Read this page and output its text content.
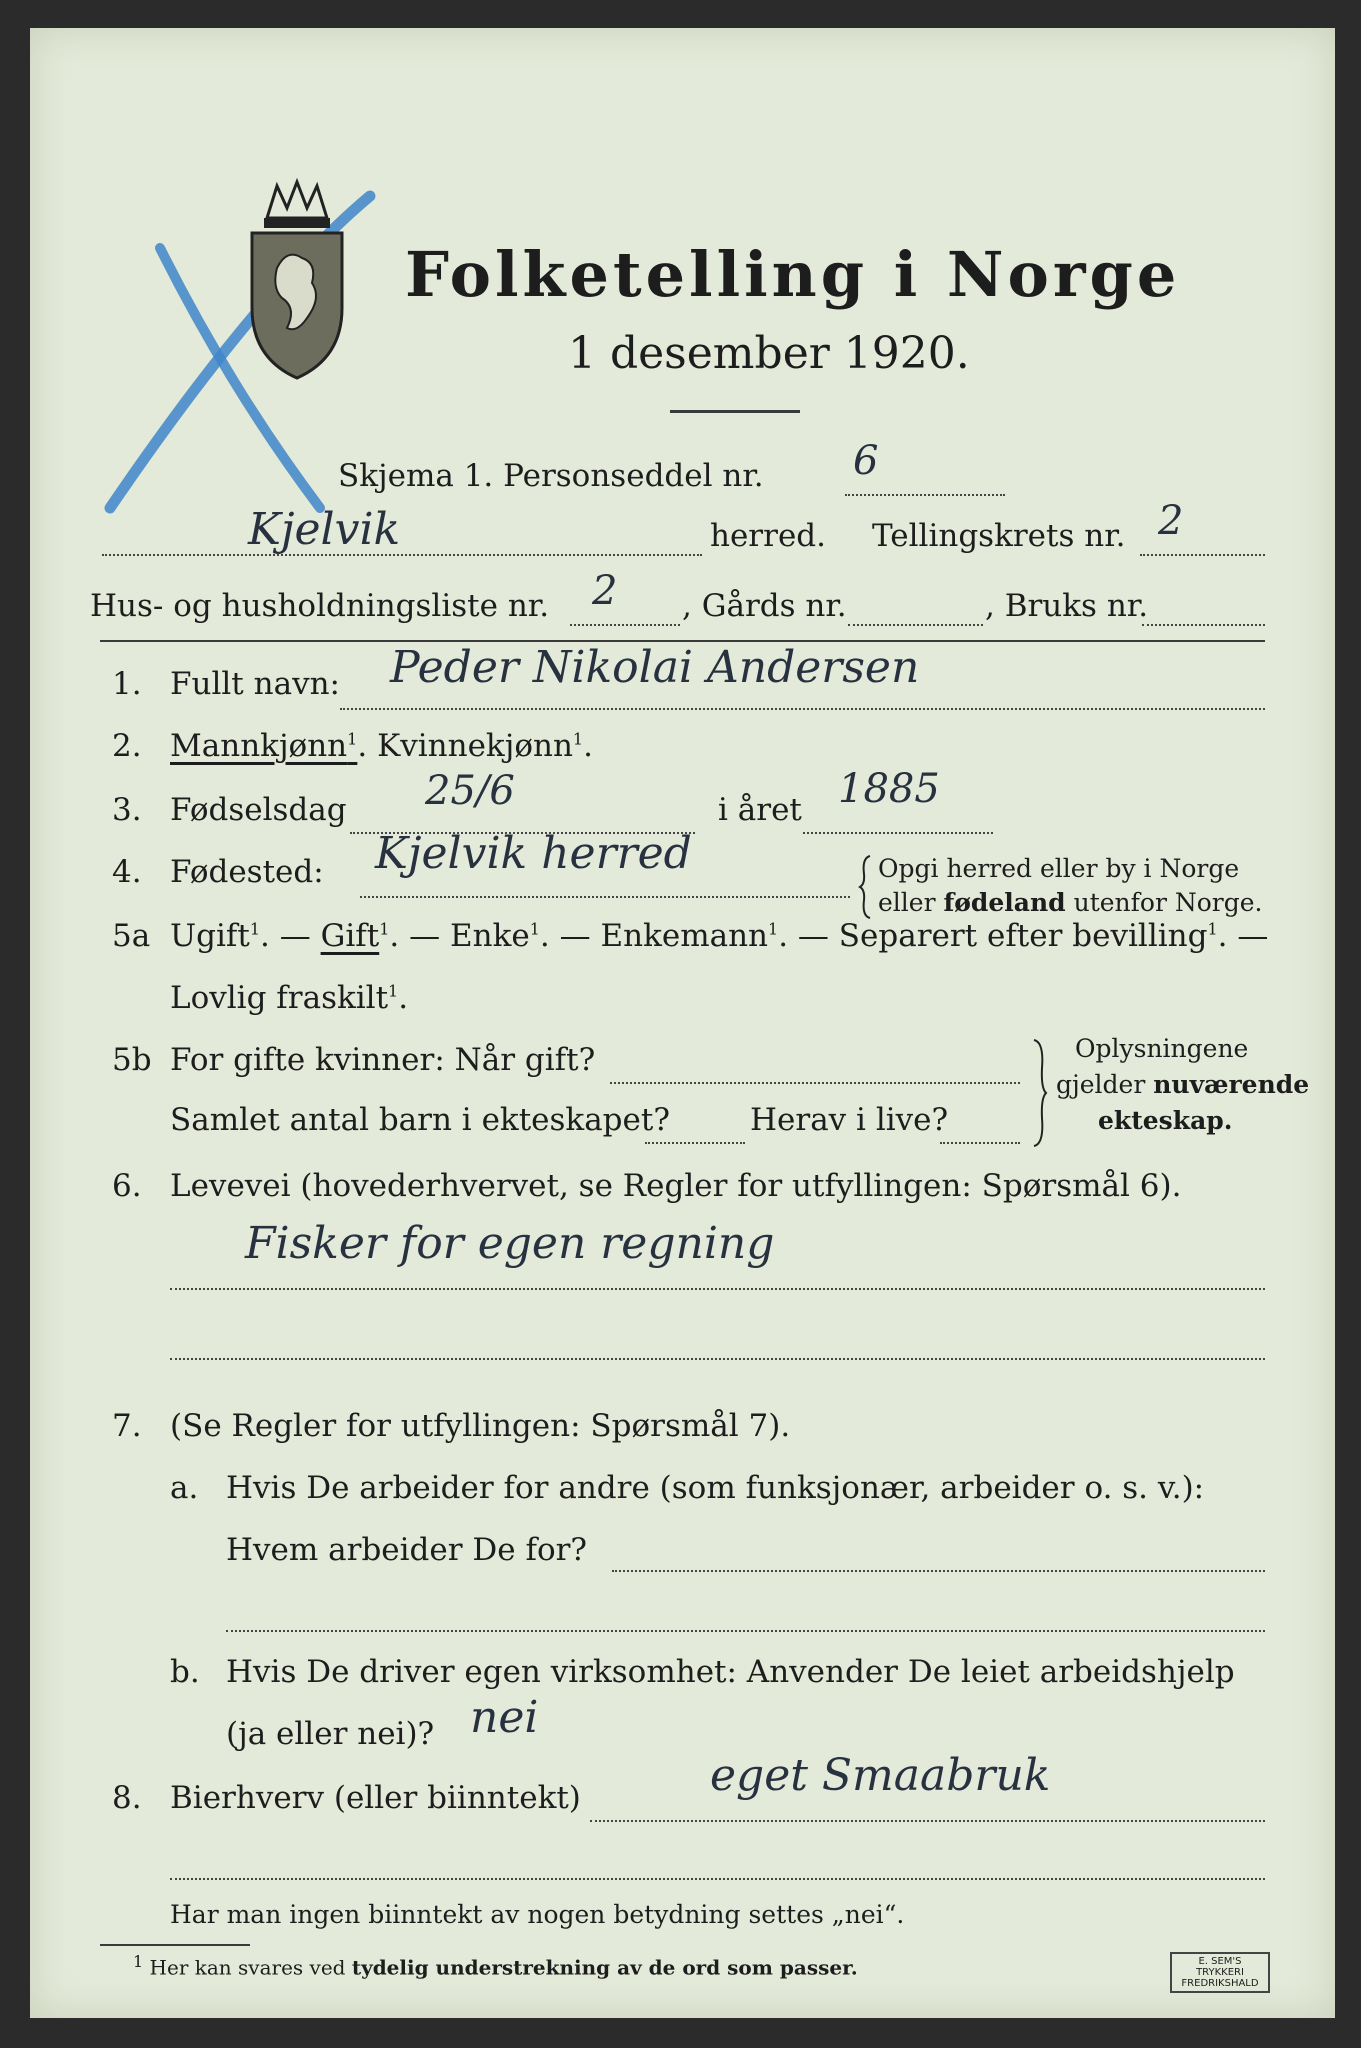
Folketelling i Norge
1 desember 1920.
Skjema 1. Personseddel nr. 6
Kjelvik	herred. Tellingskrets nr. 2
Hus- og husholdningsliste nr. 2 , Gårds nr.	, Bruks nr.
1. Fullt navn: Peder Nikolai Andersen
2. Mannkjønn$^1$. Kvinnekjønn$^1$.
3. Fødselsdag 25/6	i året 1885
4. Fødested: Kjelvik herred	Opgi herred eller by i Norge
eller fødeland utenfor Norge.
5a Ugift$^1$. — Gift$^1$. — Enke$^1$. — Enkemann$^1$. — Separert efter bevilling$^1$. —
Lovlig fraskilt$^1$.
5b For gifte kvinner: Når gift?
Samlet antal barn i ekteskapet?	Herav i live?
Oplysningene
gjelder nuværende
ekteskap.
6. Levevei (hovederhvervet, se Regler for utfyllingen: Spørsmål 6).
Fisker for egen regning
7. (Se Regler for utfyllingen: Spørsmål 7).
a. Hvis De arbeider for andre (som funksjonær, arbeider o. s. v.):
Hvem arbeider De for?
b. Hvis De driver egen virksomhet: Anvender De leiet arbeidshjelp
(ja eller nei)? nei
8. Bierhverv (eller biinntekt)	eget Smaabruk
Har man ingen biinntekt av nogen betydning settes „nei“.
$^1$ Her kan svares ved tydelig understrekning av de ord som passer.	E. SEM'S TRYKKERI FREDRIKSHALD
